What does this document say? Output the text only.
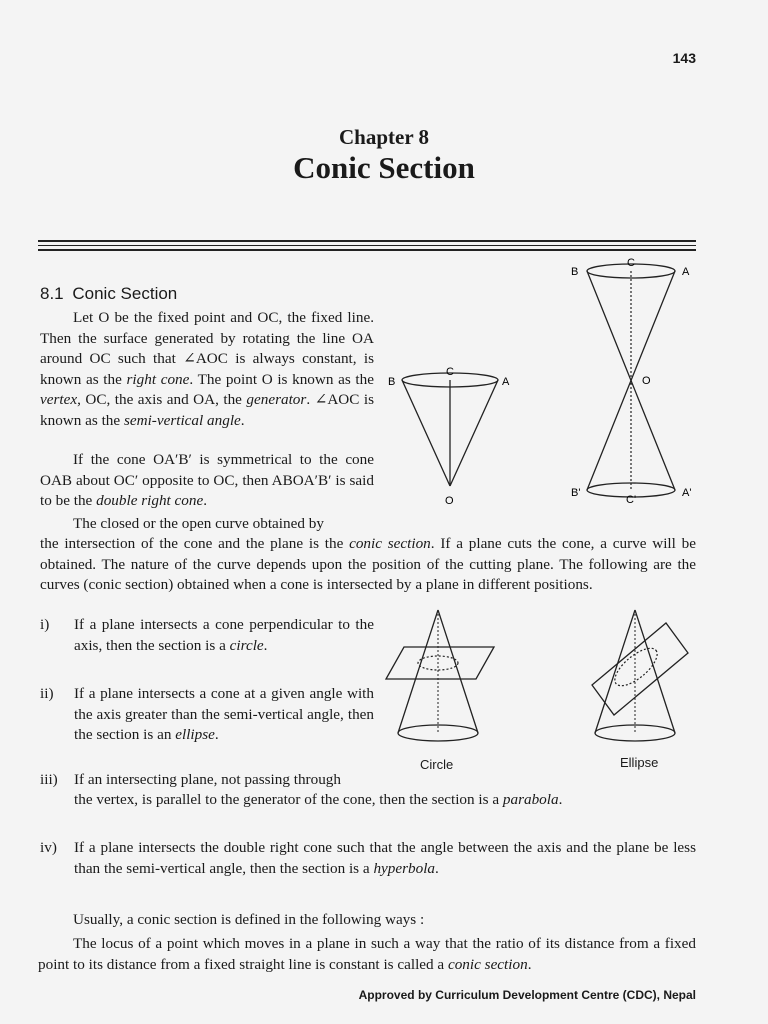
143
Chapter 8
Conic Section
8.1 Conic Section
Let O be the fixed point and OC, the fixed line. Then the surface generated by rotating the line OA around OC such that ∠AOC is always constant, is known as the right cone. The point O is known as the vertex, OC, the axis and OA, the generator. ∠AOC is known as the semi-vertical angle.
If the cone OA′B′ is symmetrical to the cone OAB about OC′ opposite to OC, then ABOA′B′ is said to be the double right cone.
The closed or the open curve obtained by
the intersection of the cone and the plane is the conic section. If a plane cuts the cone, a curve will be obtained. The nature of the curve depends upon the position of the cutting plane. The following are the curves (conic section) obtained when a cone is intersected by a plane in different positions.
i) If a plane intersects a cone perpendicular to the axis, then the section is a circle.
ii) If a plane intersects a cone at a given angle with the axis greater than the semi-vertical angle, then the section is an ellipse.
iii) If an intersecting plane, not passing through
the vertex, is parallel to the generator of the cone, then the section is a parabola.
iv) If a plane intersects the double right cone such that the angle between the axis and the plane be less than the semi-vertical angle, then the section is a hyperbola.
Usually, a conic section is defined in the following ways :
The locus of a point which moves in a plane in such a way that the ratio of its distance from a fixed point to its distance from a fixed straight line is constant is called a conic section.
Approved by Curriculum Development Centre (CDC), Nepal
B
C
A
O
B
C
A
O
B'
C'
A'
Circle	Ellipse
